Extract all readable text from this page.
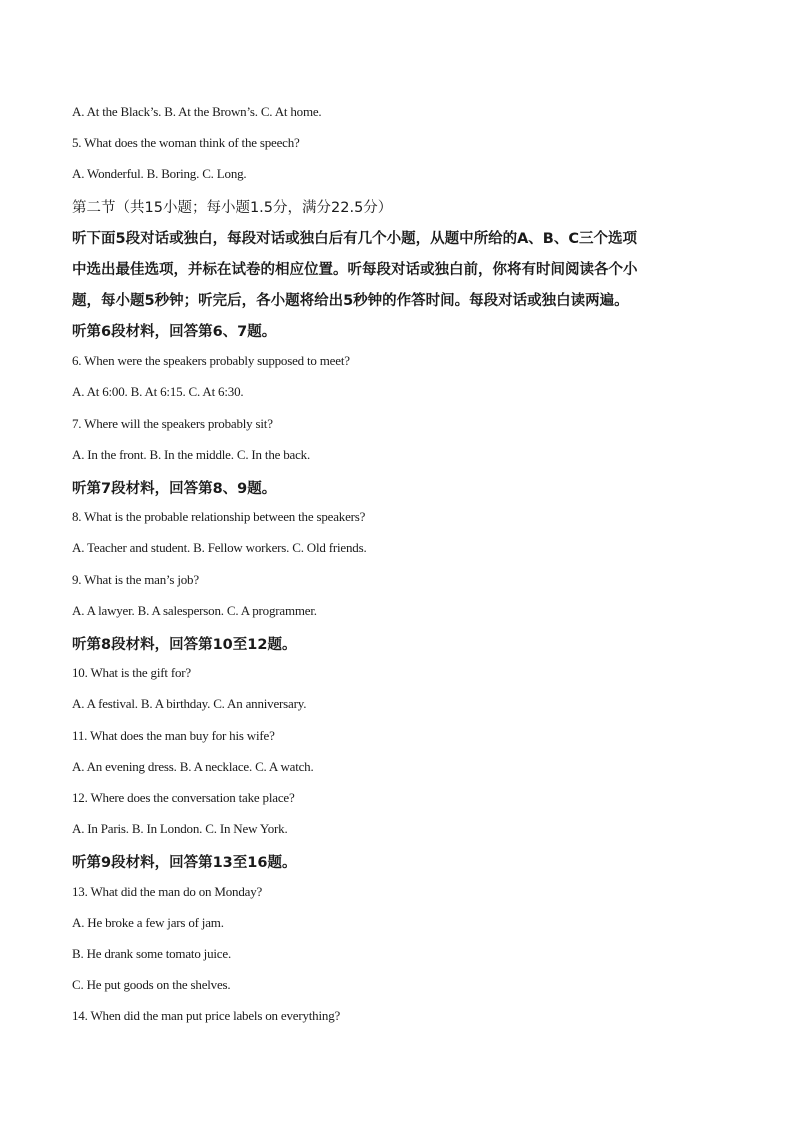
A. At the Black’s. B. At the Brown’s. C. At home.
5. What does the woman think of the speech?
A. Wonderful. B. Boring. C. Long.
第二节（共15小题；每小题1.5分，满分22.5分）
听下面5段对话或独白，每段对话或独白后有几个小题，从题中所给的A、B、C三个选项
中选出最佳选项，并标在试卷的相应位置。听每段对话或独白前，你将有时间阅读各个小
题，每小题5秒钟；听完后，各小题将给出5秒钟的作答时间。每段对话或独白读两遍。
听第6段材料，回答第6、7题。
6. When were the speakers probably supposed to meet?
A. At 6:00. B. At 6:15. C. At 6:30.
7. Where will the speakers probably sit?
A. In the front. B. In the middle. C. In the back.
听第7段材料，回答第8、9题。
8. What is the probable relationship between the speakers?
A. Teacher and student. B. Fellow workers. C. Old friends.
9. What is the man’s job?
A. A lawyer. B. A salesperson. C. A programmer.
听第8段材料，回答第10至12题。
10. What is the gift for?
A. A festival. B. A birthday. C. An anniversary.
11. What does the man buy for his wife?
A. An evening dress. B. A necklace. C. A watch.
12. Where does the conversation take place?
A. In Paris. B. In London. C. In New York.
听第9段材料，回答第13至16题。
13. What did the man do on Monday?
A. He broke a few jars of jam.
B. He drank some tomato juice.
C. He put goods on the shelves.
14. When did the man put price labels on everything?
